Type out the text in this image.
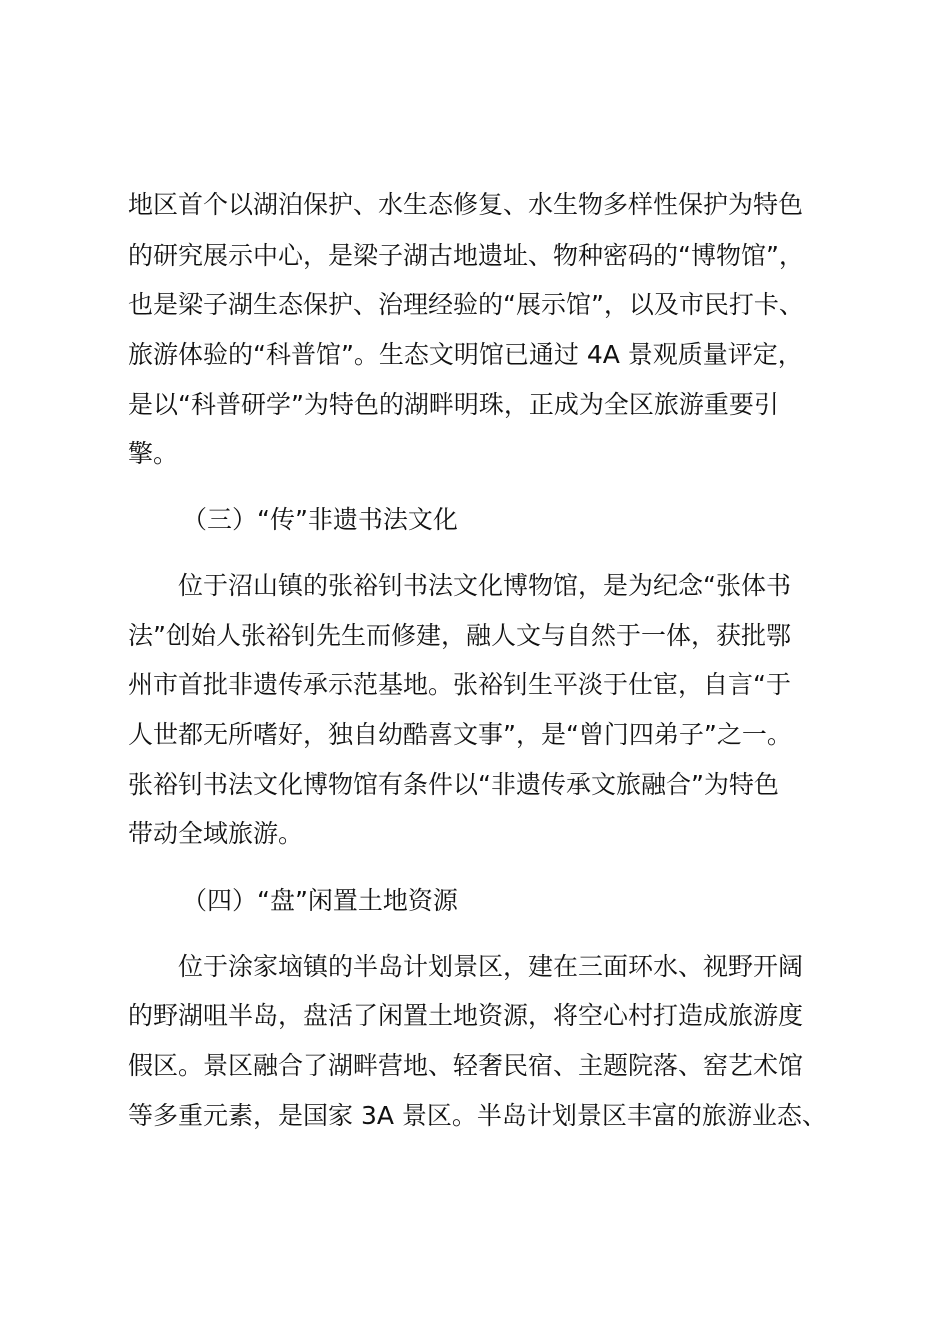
地区首个以湖泊保护、水生态修复、水生物多样性保护为特色
的研究展示中心，是梁子湖古地遗址、物种密码的“博物馆”，
也是梁子湖生态保护、治理经验的“展示馆”，以及市民打卡、
旅游体验的“科普馆”。生态文明馆已通过 4A 景观质量评定，
是以“科普研学”为特色的湖畔明珠，正成为全区旅游重要引
擎。
（三）“传”非遗书法文化
位于沼山镇的张裕钊书法文化博物馆，是为纪念“张体书
法”创始人张裕钊先生而修建，融人文与自然于一体，获批鄂
州市首批非遗传承示范基地。张裕钊生平淡于仕宦，自言“于
人世都无所嗜好，独自幼酷喜文事”，是“曾门四弟子”之一。
张裕钊书法文化博物馆有条件以“非遗传承文旅融合”为特色
带动全域旅游。
（四）“盘”闲置土地资源
位于涂家垴镇的半岛计划景区，建在三面环水、视野开阔
的野湖咀半岛，盘活了闲置土地资源，将空心村打造成旅游度
假区。景区融合了湖畔营地、轻奢民宿、主题院落、窑艺术馆
等多重元素，是国家 3A 景区。半岛计划景区丰富的旅游业态、
